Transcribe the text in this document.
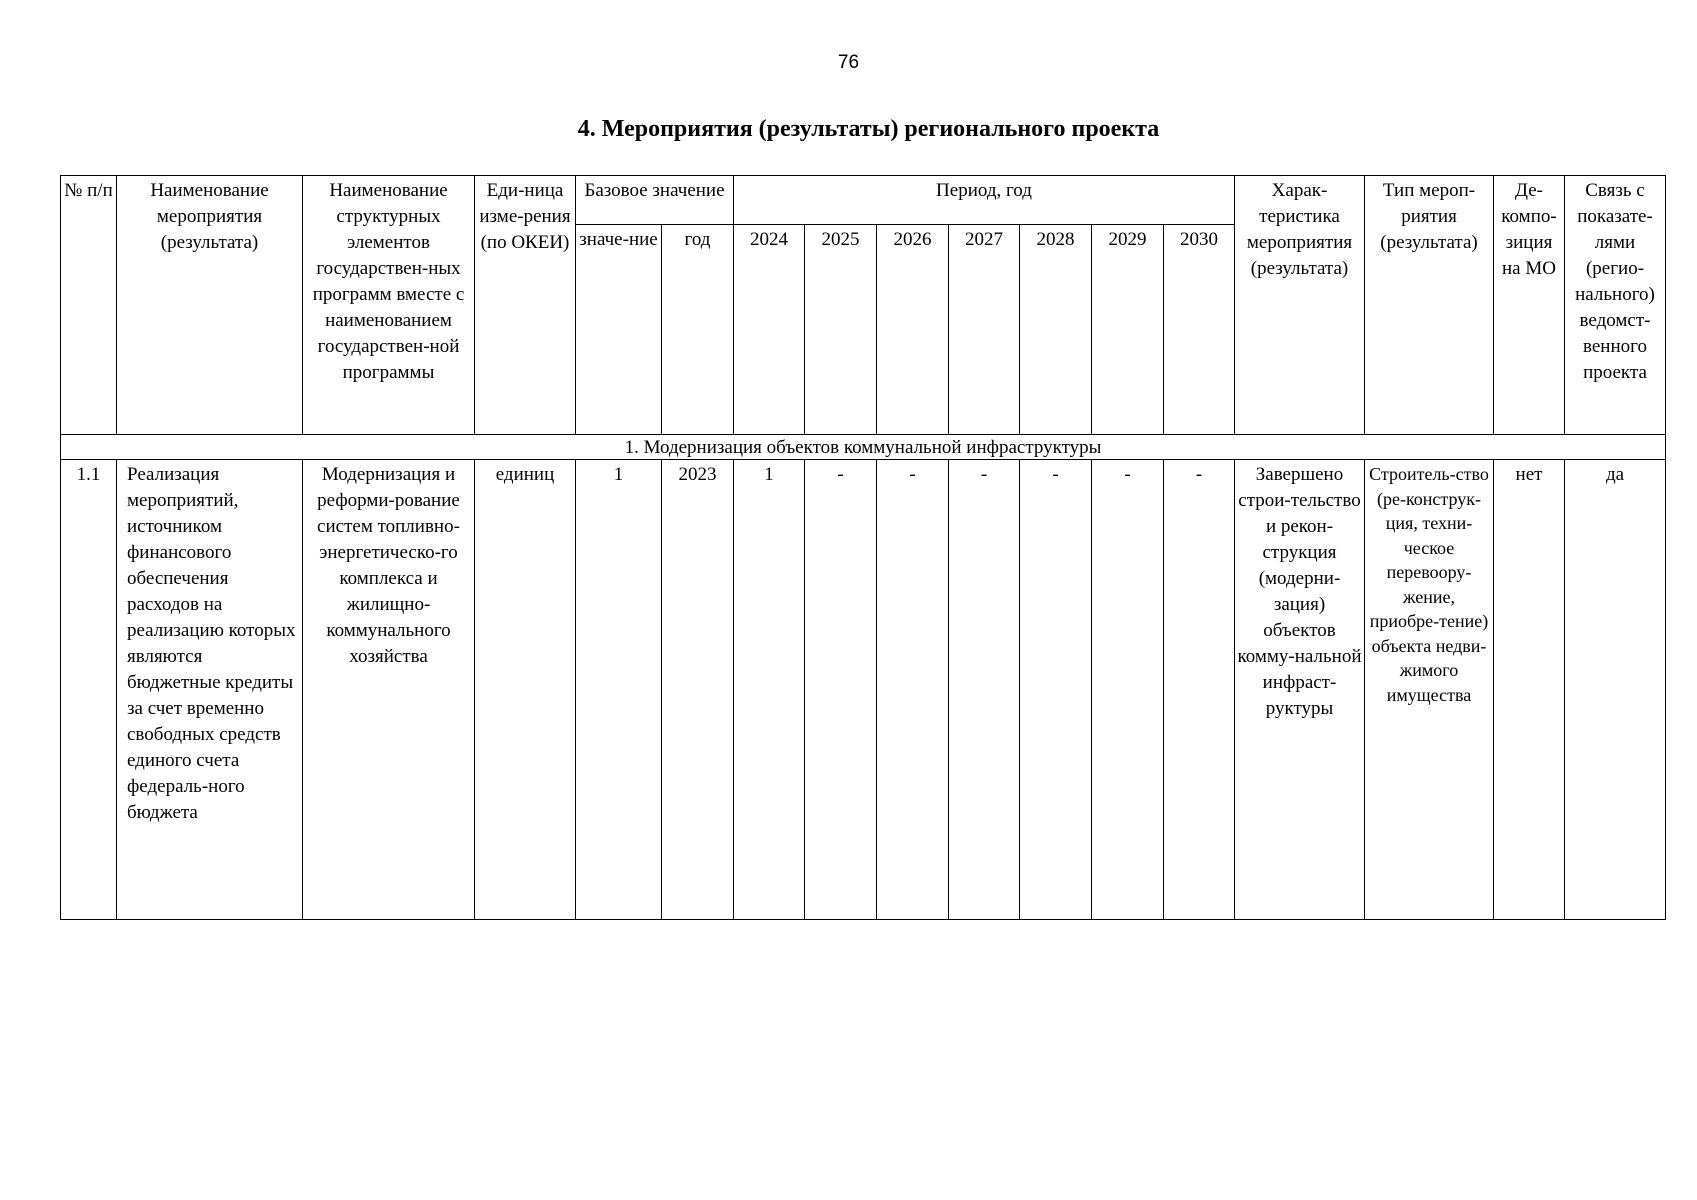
76
4. Мероприятия (результаты) регионального проекта
№ п/п	Наименование мероприятия (результата)	Наименование структурных элементов государствен-ных программ вместе с наименованием государствен-ной программы	Еди-ница изме-рения (по ОКЕИ)	Базовое значение		Период, год							Харак-теристика мероприятия (результата)	Тип мероп-риятия (результата)	Де-компо-зиция на МО	Связь с показате-лями (регио-нального) ведомст-венного проекта
				значе-ние	год	2024	2025	2026	2027	2028	2029	2030				
1. Модернизация объектов коммунальной инфраструктуры																
1.1	Реализация мероприятий, источником финансового обеспечения расходов на реализацию которых являются бюджетные кредиты за счет временно свободных средств единого счета федераль-ного бюджета	Модернизация и реформи-рование систем топливно-энергетическо-го комплекса и жилищно-коммунального хозяйства	единиц	1	2023	1	-	-	-	-	-	-	Завершено строи-тельство и рекон-струкция (модерни-зация) объектов комму-нальной инфраст-руктуры	Строитель-ство (ре-конструк-ция, техни-ческое перевоору-жение, приобре-тение) объекта недви-жимого имущества	нет	да
